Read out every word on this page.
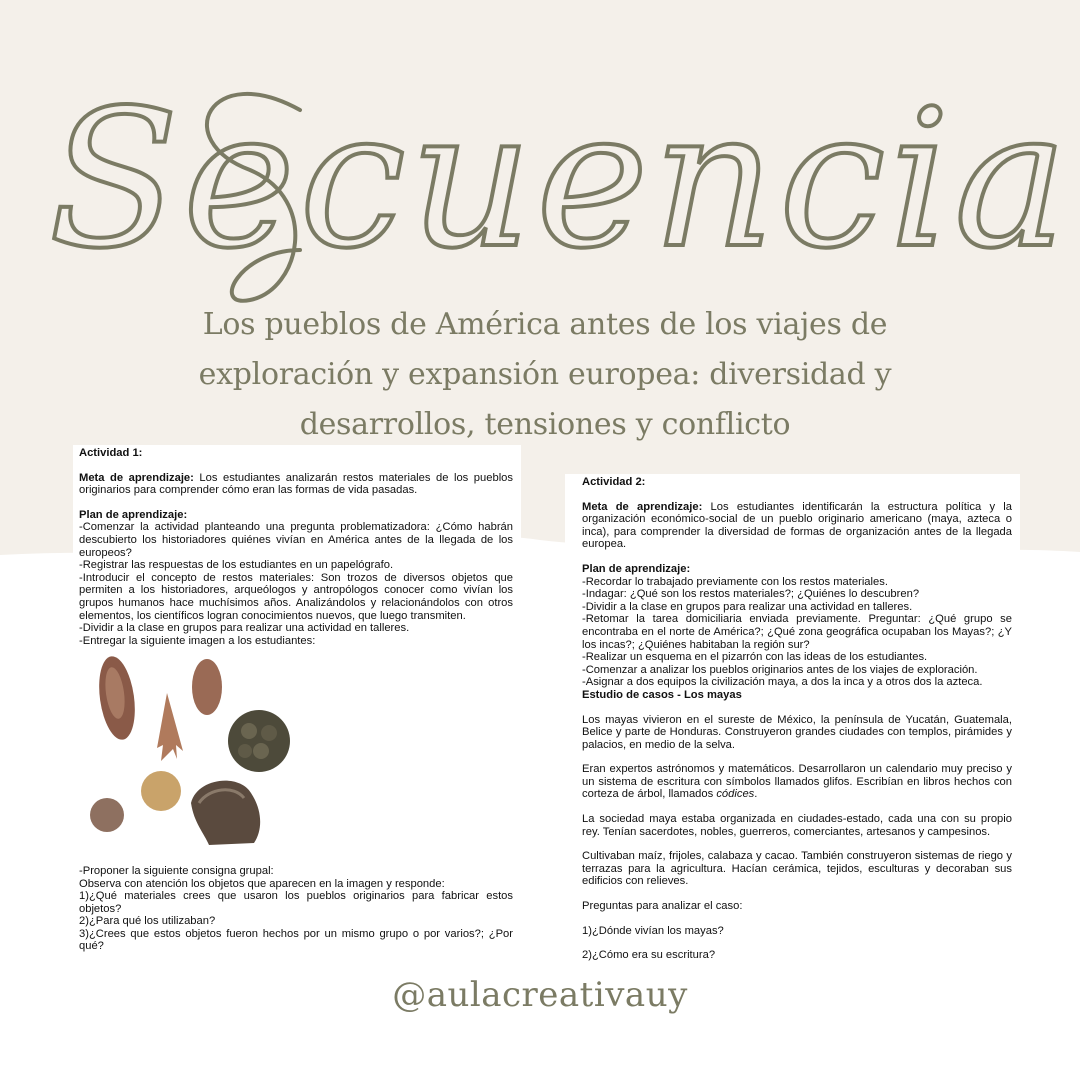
Secuencia
Los pueblos de América antes de los viajes de exploración y expansión europea: diversidad y desarrollos, tensiones y conflicto

Actividad 1:

Meta de aprendizaje: Los estudiantes analizarán restos materiales de los pueblos originarios para comprender cómo eran las formas de vida pasadas.

Plan de aprendizaje:

-Comenzar la actividad planteando una pregunta problematizadora: ¿Cómo habrán descubierto los historiadores quiénes vivían en América antes de la llegada de los europeos?

-Registrar las respuestas de los estudiantes en un papelógrafo.

-Introducir el concepto de restos materiales: Son trozos de diversos objetos que permiten a los historiadores, arqueólogos y antropólogos conocer como vivían los grupos humanos hace muchísimos años. Analizándolos y relacionándolos con otros elementos, los científicos logran conocimientos nuevos, que luego transmiten.

-Dividir a la clase en grupos para realizar una actividad en talleres.

-Entregar la siguiente imagen a los estudiantes:

-Proponer la siguiente consigna grupal:

Observa con atención los objetos que aparecen en la imagen y responde:

1)¿Qué materiales crees que usaron los pueblos originarios para fabricar estos objetos?

2)¿Para qué los utilizaban?

3)¿Crees que estos objetos fueron hechos por un mismo grupo o por varios?; ¿Por qué?

Actividad 2:

Meta de aprendizaje: Los estudiantes identificarán la estructura política y la organización económico-social de un pueblo originario americano (maya, azteca o inca), para comprender la diversidad de formas de organización antes de la llegada europea.

Plan de aprendizaje:

-Recordar lo trabajado previamente con los restos materiales.

-Indagar: ¿Qué son los restos materiales?; ¿Quiénes lo descubren?

-Dividir a la clase en grupos para realizar una actividad en talleres.

-Retomar la tarea domiciliaria enviada previamente. Preguntar: ¿Qué grupo se encontraba en el norte de América?; ¿Qué zona geográfica ocupaban los Mayas?; ¿Y los incas?; ¿Quiénes habitaban la región sur?

-Realizar un esquema en el pizarrón con las ideas de los estudiantes.

-Comenzar a analizar los pueblos originarios antes de los viajes de exploración.

-Asignar a dos equipos la civilización maya, a dos la inca y a otros dos la azteca.

Estudio de casos - Los mayas

Los mayas vivieron en el sureste de México, la península de Yucatán, Guatemala, Belice y parte de Honduras. Construyeron grandes ciudades con templos, pirámides y palacios, en medio de la selva.

Eran expertos astrónomos y matemáticos. Desarrollaron un calendario muy preciso y un sistema de escritura con símbolos llamados glifos. Escribían en libros hechos con corteza de árbol, llamados códices.

La sociedad maya estaba organizada en ciudades-estado, cada una con su propio rey. Tenían sacerdotes, nobles, guerreros, comerciantes, artesanos y campesinos.

Cultivaban maíz, frijoles, calabaza y cacao. También construyeron sistemas de riego y terrazas para la agricultura. Hacían cerámica, tejidos, esculturas y decoraban sus edificios con relieves.

Preguntas para analizar el caso:

1)¿Dónde vivían los mayas?

2)¿Cómo era su escritura?

@aulacreativauy
